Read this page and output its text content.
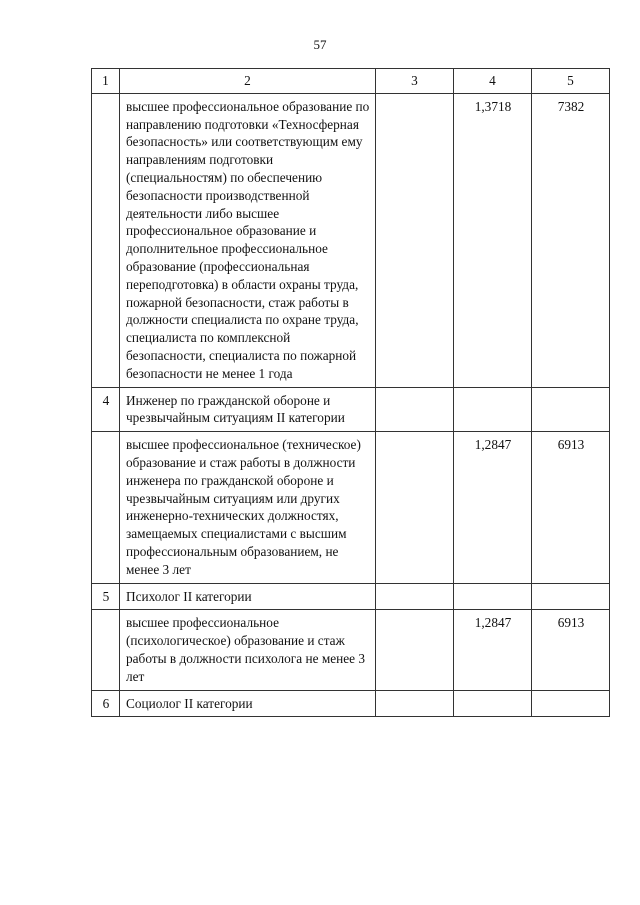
57
1	2	3	4	5
	высшее профессиональное образование по направлению подготовки «Техносферная безопасность» или соответствующим ему направлениям подготовки (специальностям) по обеспечению безопасности производственной деятельности либо высшее профессиональное образование и дополнительное профессиональное образование (профессиональная переподготовка) в области охраны труда, пожарной безопасности, стаж работы в должности специалиста по охране труда, специалиста по комплексной безопасности, специалиста по пожарной безопасности не менее 1 года		1,3718	7382
4	Инженер по гражданской обороне и чрезвычайным ситуациям II категории			
	высшее профессиональное (техническое) образование и стаж работы в должности инженера по гражданской обороне и чрезвычайным ситуациям или других инженерно-технических должностях, замещаемых специалистами с высшим профессиональным образованием, не менее 3 лет		1,2847	6913
5	Психолог II категории			
	высшее профессиональное (психологическое) образование и стаж работы в должности психолога не менее 3 лет		1,2847	6913
6	Социолог II категории			
